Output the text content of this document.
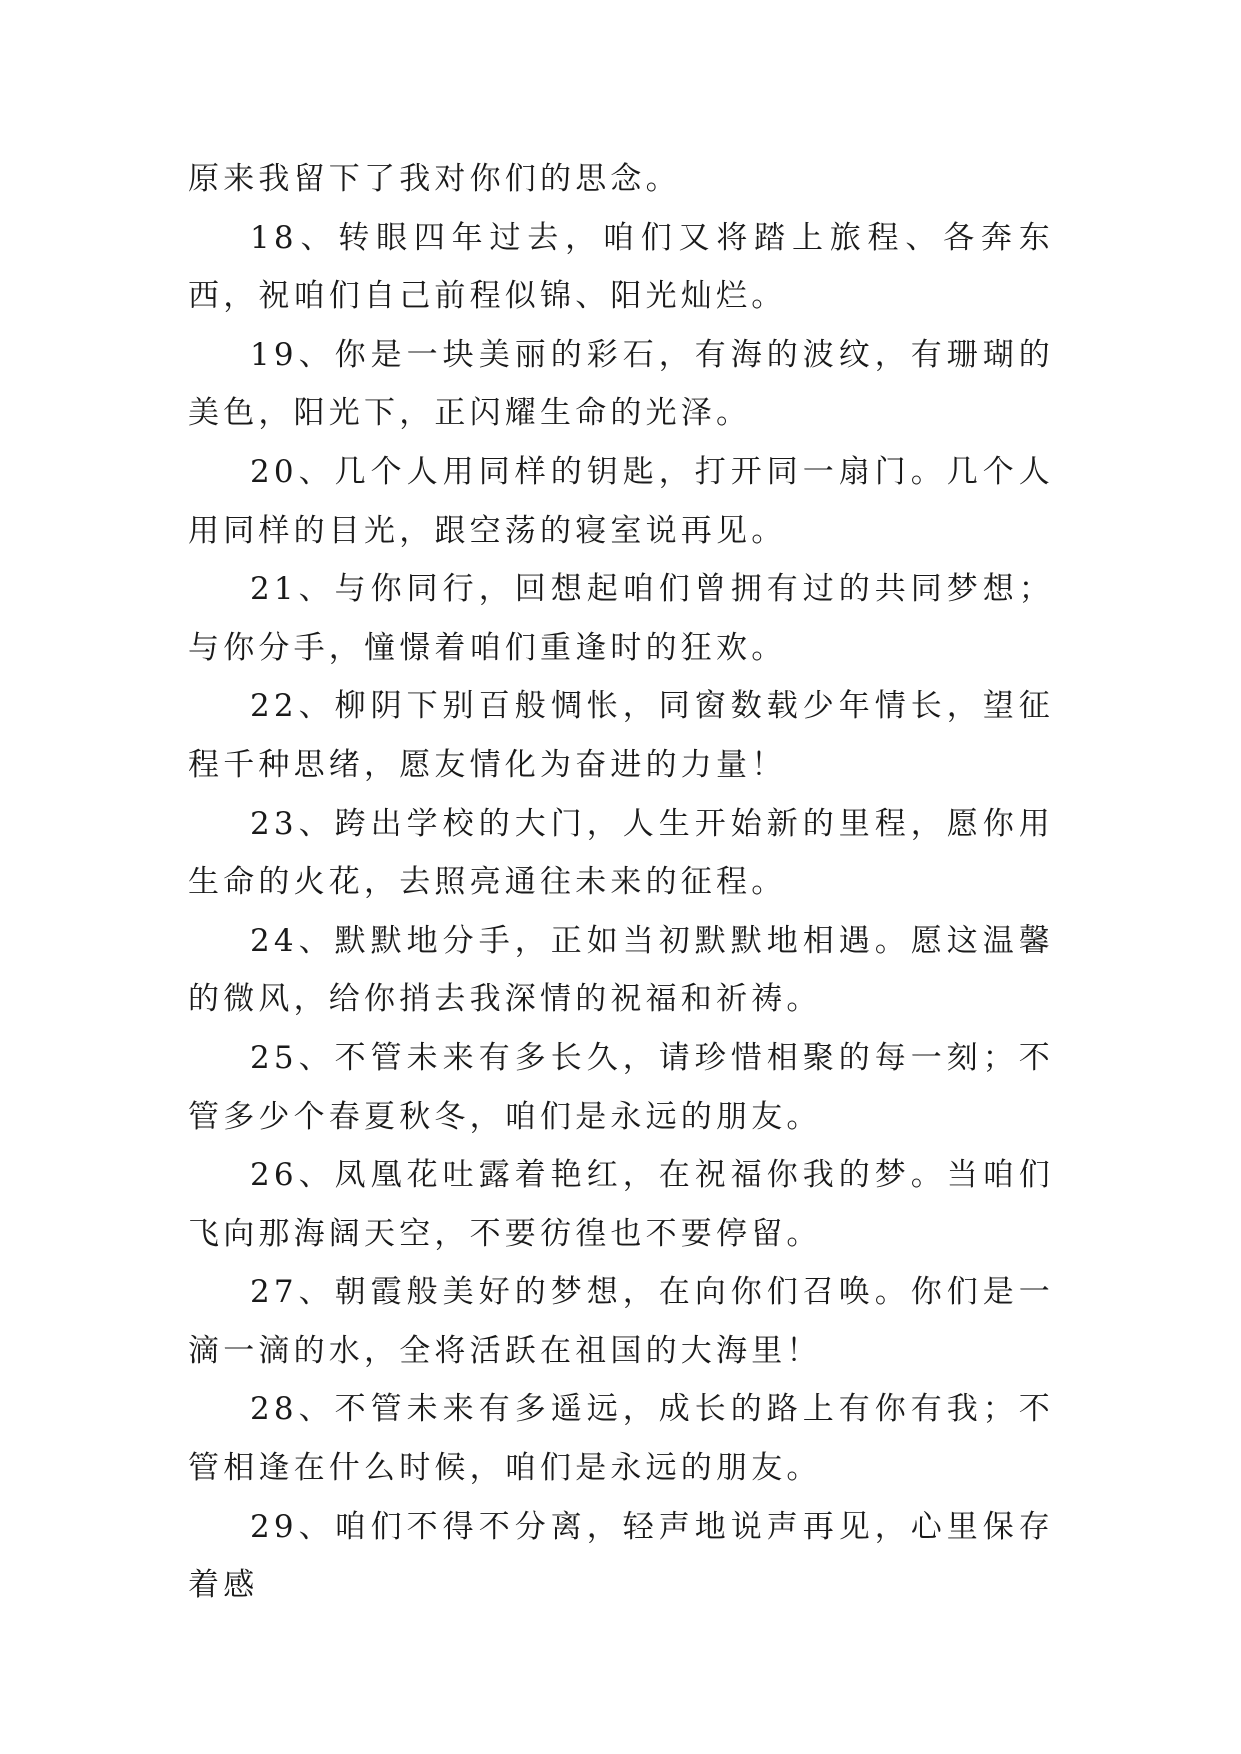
原来我留下了我对你们的思念。

18、转眼四年过去，咱们又将踏上旅程、各奔东西，祝咱们自己前程似锦、阳光灿烂。

19、你是一块美丽的彩石，有海的波纹，有珊瑚的美色，阳光下，正闪耀生命的光泽。

20、几个人用同样的钥匙，打开同一扇门。几个人用同样的目光，跟空荡的寝室说再见。

21、与你同行，回想起咱们曾拥有过的共同梦想；与你分手，憧憬着咱们重逢时的狂欢。

22、柳阴下别百般惆怅，同窗数载少年情长，望征程千种思绪，愿友情化为奋进的力量！

23、跨出学校的大门，人生开始新的里程，愿你用生命的火花，去照亮通往未来的征程。

24、默默地分手，正如当初默默地相遇。愿这温馨的微风，给你捎去我深情的祝福和祈祷。

25、不管未来有多长久，请珍惜相聚的每一刻；不管多少个春夏秋冬，咱们是永远的朋友。

26、凤凰花吐露着艳红，在祝福你我的梦。当咱们飞向那海阔天空，不要彷徨也不要停留。

27、朝霞般美好的梦想，在向你们召唤。你们是一滴一滴的水，全将活跃在祖国的大海里！

28、不管未来有多遥远，成长的路上有你有我；不管相逢在什么时候，咱们是永远的朋友。

29、咱们不得不分离，轻声地说声再见，心里保存着感
